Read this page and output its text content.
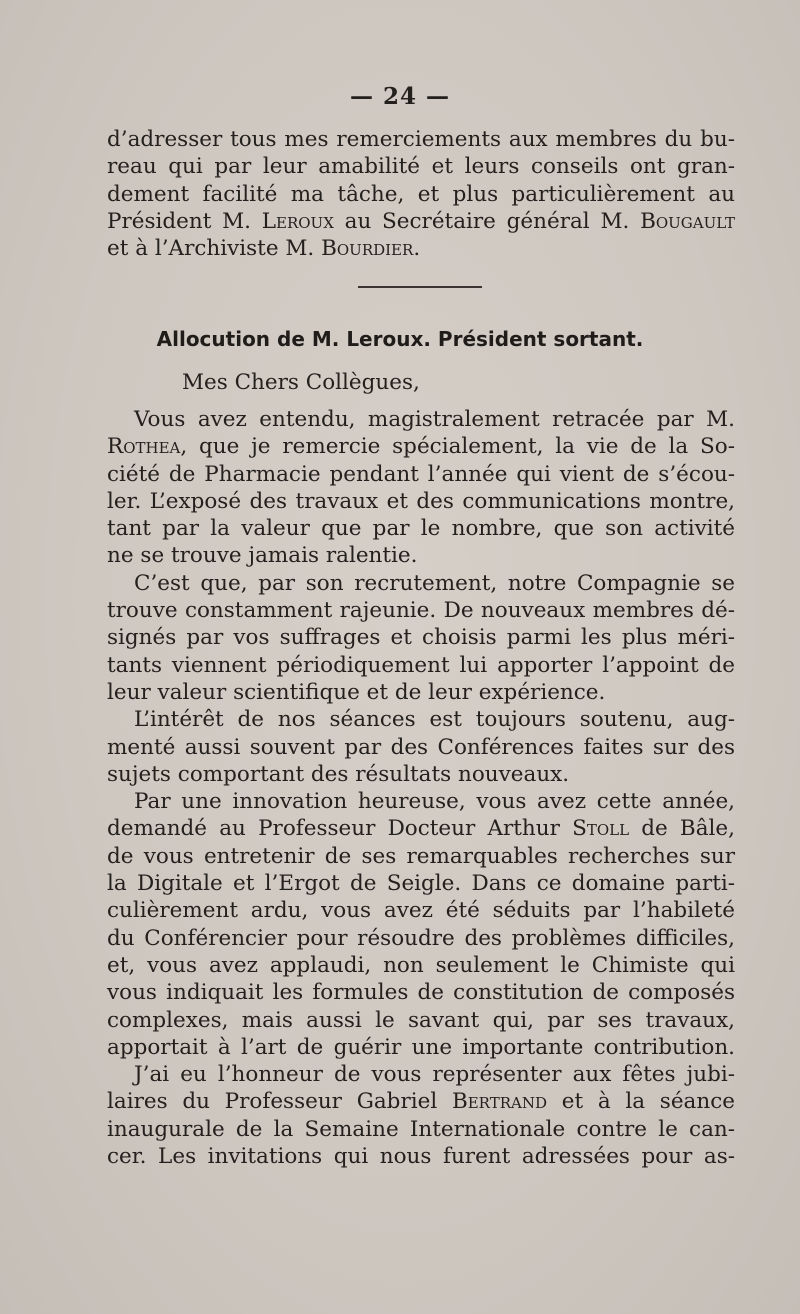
— 24 —
d’adresser tous mes remerciements aux membres du bu-
reau qui par leur amabilité et leurs conseils ont gran-
dement facilité ma tâche, et plus particulièrement au
Président M. Leroux au Secrétaire général M. Bougault
et à l’Archiviste M. Bourdier.
Allocution de M. Leroux. Président sortant.
Mes Chers Collègues,
Vous avez entendu, magistralement retracée par M.
Rothea, que je remercie spécialement, la vie de la So-
ciété de Pharmacie pendant l’année qui vient de s’écou-
ler. L’exposé des travaux et des communications montre,
tant par la valeur que par le nombre, que son activité
ne se trouve jamais ralentie.
C’est que, par son recrutement, notre Compagnie se
trouve constamment rajeunie. De nouveaux membres dé-
signés par vos suffrages et choisis parmi les plus méri-
tants viennent périodiquement lui apporter l’appoint de
leur valeur scientifique et de leur expérience.
L’intérêt de nos séances est toujours soutenu, aug-
menté aussi souvent par des Conférences faites sur des
sujets comportant des résultats nouveaux.
Par une innovation heureuse, vous avez cette année,
demandé au Professeur Docteur Arthur Stoll de Bâle,
de vous entretenir de ses remarquables recherches sur
la Digitale et l’Ergot de Seigle. Dans ce domaine parti-
culièrement ardu, vous avez été séduits par l’habileté
du Conférencier pour résoudre des problèmes difficiles,
et, vous avez applaudi, non seulement le Chimiste qui
vous indiquait les formules de constitution de composés
complexes, mais aussi le savant qui, par ses travaux,
apportait à l’art de guérir une importante contribution.
J’ai eu l’honneur de vous représenter aux fêtes jubi-
laires du Professeur Gabriel Bertrand et à la séance
inaugurale de la Semaine Internationale contre le can-
cer. Les invitations qui nous furent adressées pour as-
